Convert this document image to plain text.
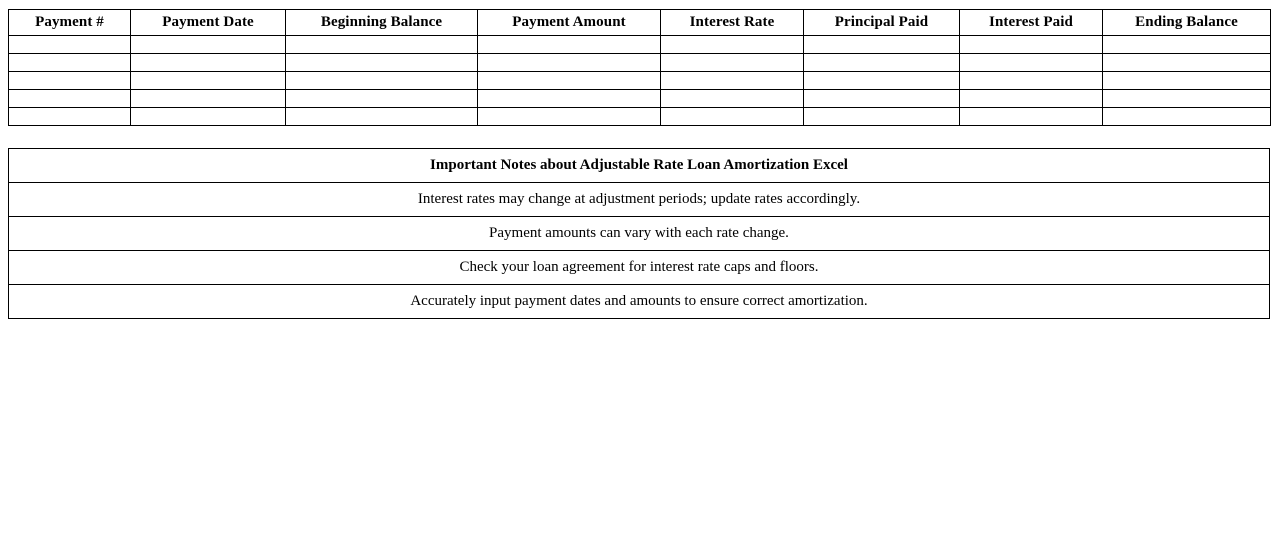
Payment #	Payment Date	Beginning Balance	Payment Amount	Interest Rate	Principal Paid	Interest Paid	Ending Balance

Important Notes about Adjustable Rate Loan Amortization Excel
Interest rates may change at adjustment periods; update rates accordingly.
Payment amounts can vary with each rate change.
Check your loan agreement for interest rate caps and floors.
Accurately input payment dates and amounts to ensure correct amortization.
